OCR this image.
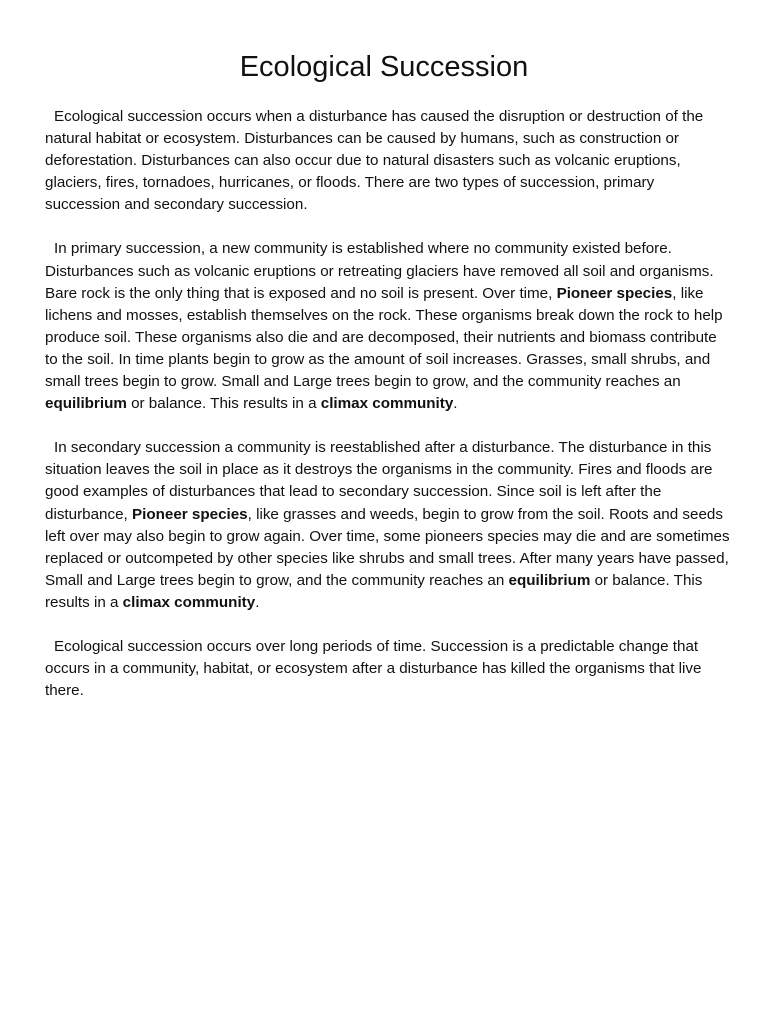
Ecological Succession

Ecological succession occurs when a disturbance has caused the disruption or destruction of the natural habitat or ecosystem. Disturbances can be caused by humans, such as construction or deforestation. Disturbances can also occur due to natural disasters such as volcanic eruptions, glaciers, fires, tornadoes, hurricanes, or floods. There are two types of succession, primary succession and secondary succession.

In primary succession, a new community is established where no community existed before. Disturbances such as volcanic eruptions or retreating glaciers have removed all soil and organisms. Bare rock is the only thing that is exposed and no soil is present. Over time, Pioneer species, like lichens and mosses, establish themselves on the rock. These organisms break down the rock to help produce soil. These organisms also die and are decomposed, their nutrients and biomass contribute to the soil. In time plants begin to grow as the amount of soil increases. Grasses, small shrubs, and small trees begin to grow. Small and Large trees begin to grow, and the community reaches an equilibrium or balance. This results in a climax community.

In secondary succession a community is reestablished after a disturbance. The disturbance in this situation leaves the soil in place as it destroys the organisms in the community. Fires and floods are good examples of disturbances that lead to secondary succession. Since soil is left after the disturbance, Pioneer species, like grasses and weeds, begin to grow from the soil. Roots and seeds left over may also begin to grow again. Over time, some pioneers species may die and are sometimes replaced or outcompeted by other species like shrubs and small trees. After many years have passed, Small and Large trees begin to grow, and the community reaches an equilibrium or balance. This results in a climax community.

Ecological succession occurs over long periods of time. Succession is a predictable change that occurs in a community, habitat, or ecosystem after a disturbance has killed the organisms that live there.
